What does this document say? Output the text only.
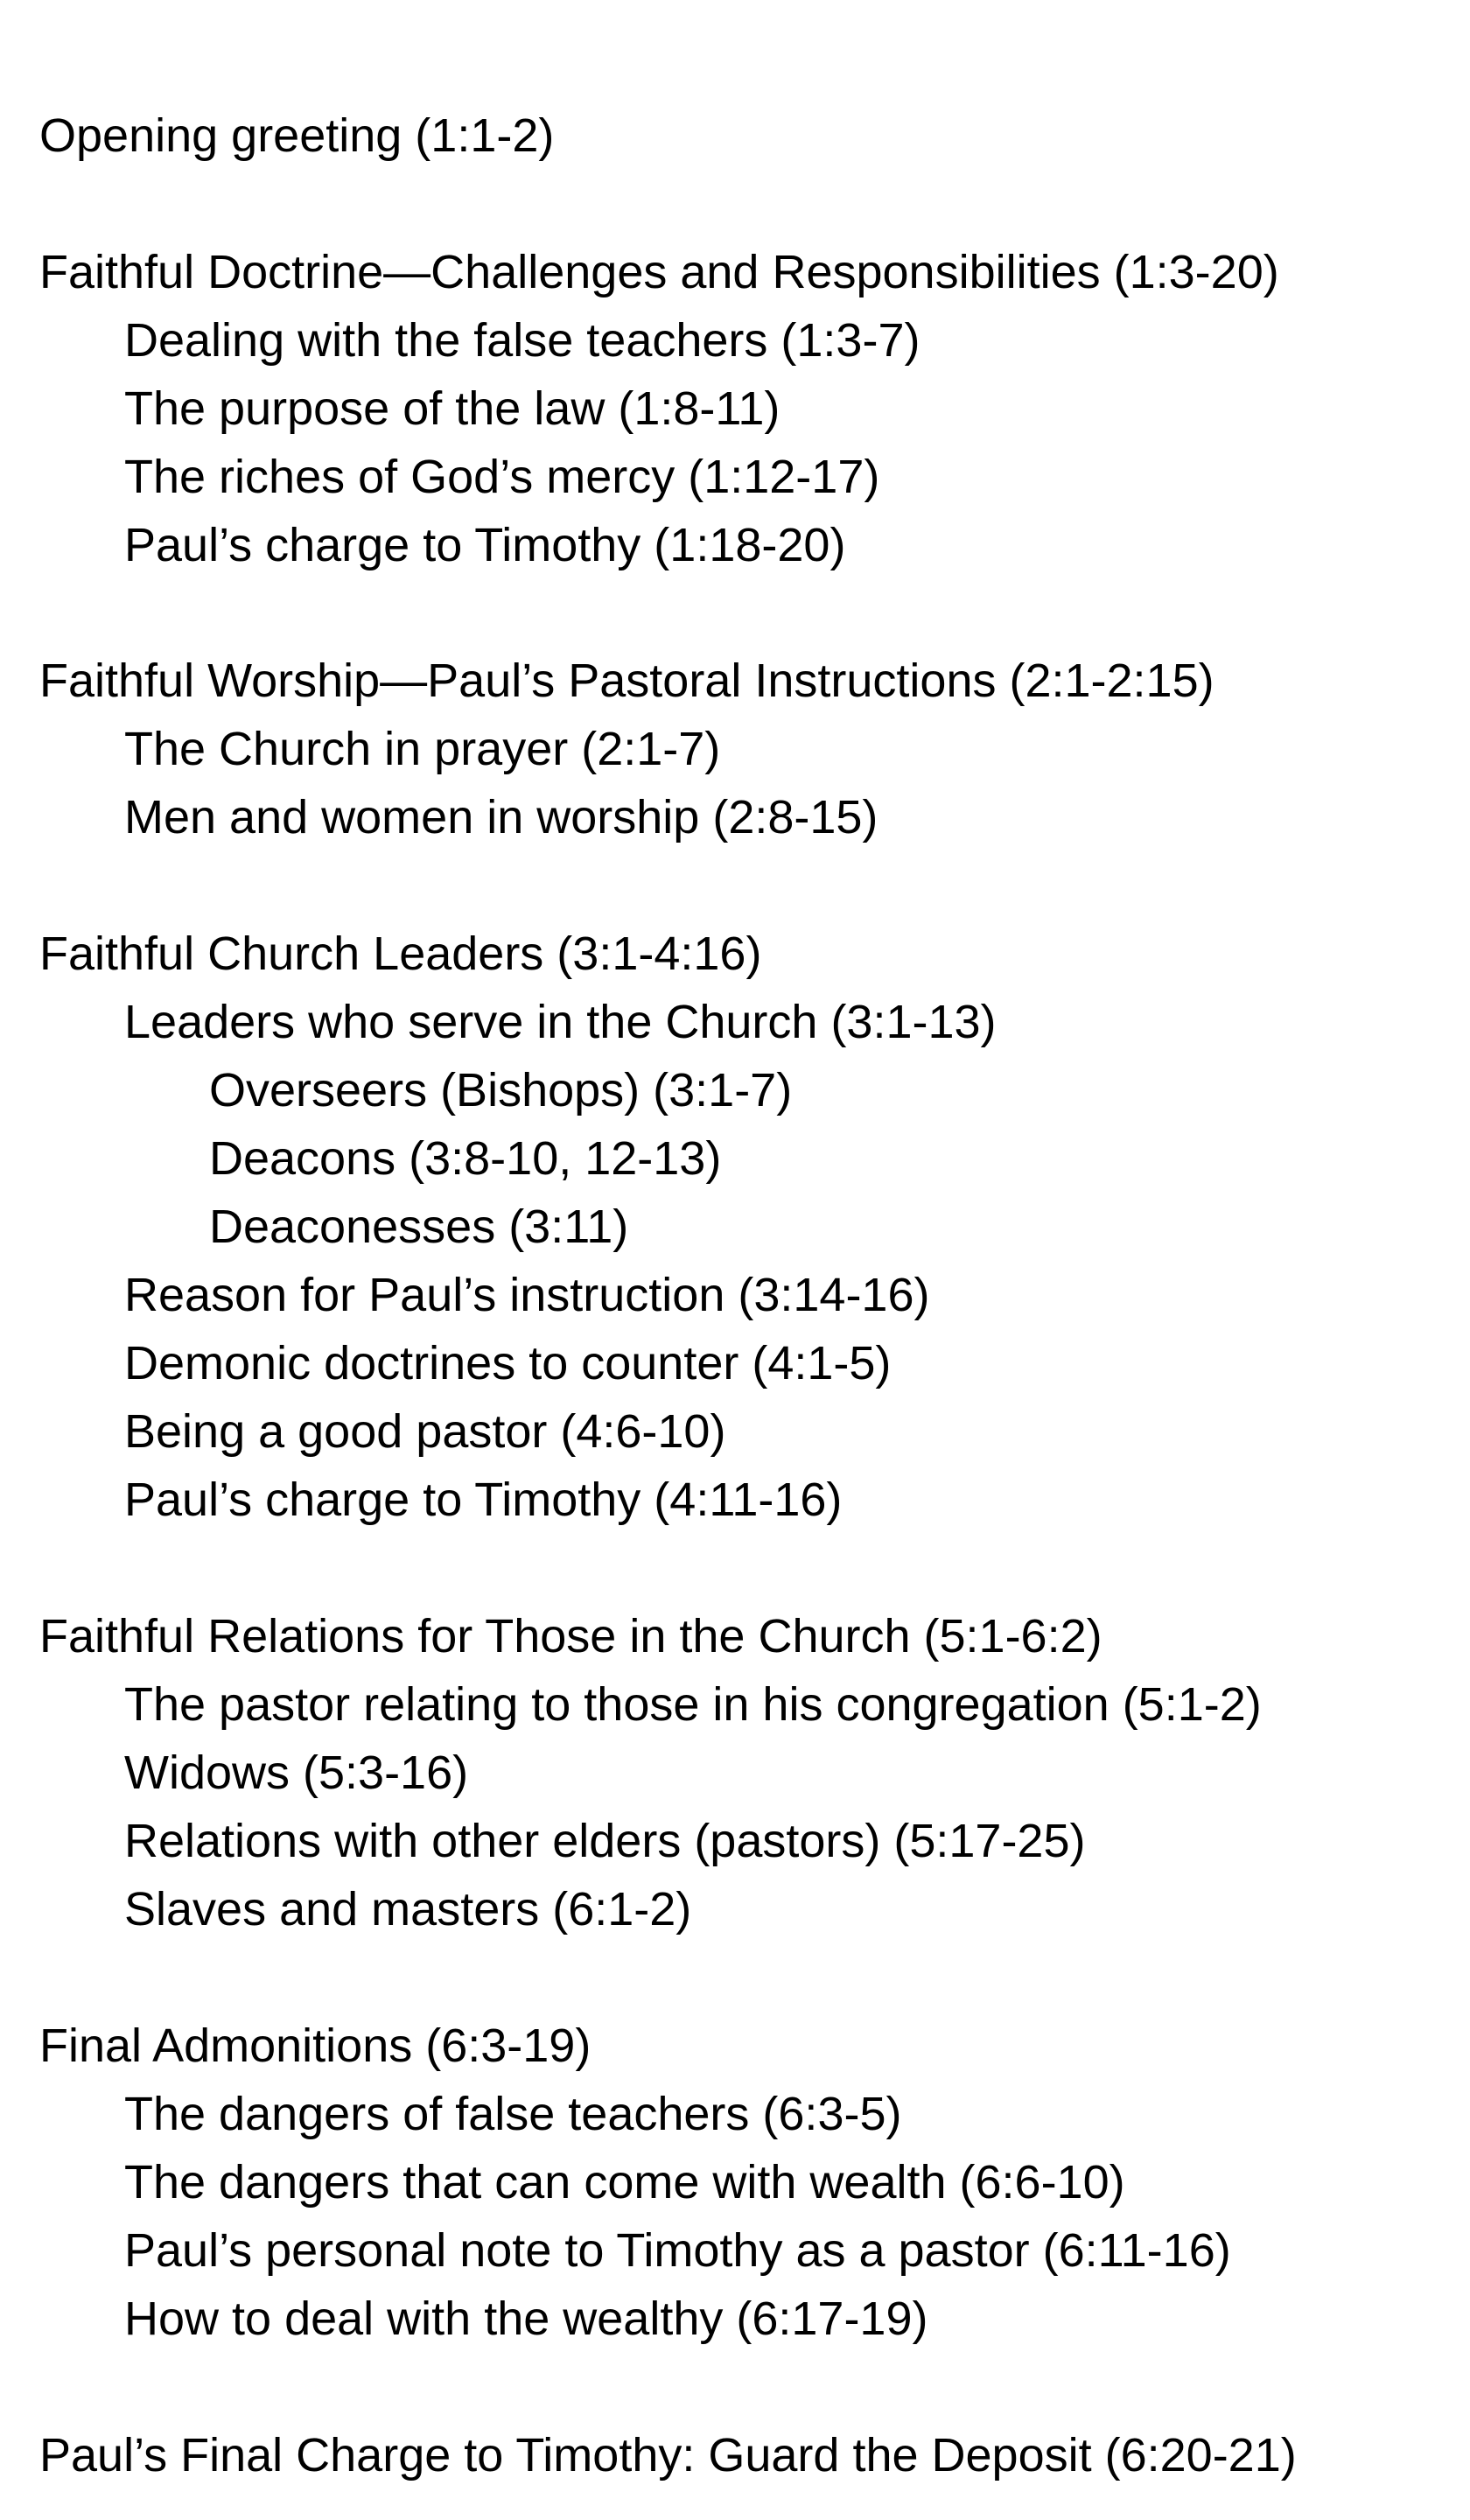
Opening greeting (1:1-2)
Faithful Doctrine—Challenges and Responsibilities (1:3-20)
Dealing with the false teachers (1:3-7)
The purpose of the law (1:8-11)
The riches of God’s mercy (1:12-17)
Paul’s charge to Timothy (1:18-20)
Faithful Worship—Paul’s Pastoral Instructions (2:1-2:15)
The Church in prayer (2:1-7)
Men and women in worship (2:8-15)
Faithful Church Leaders (3:1-4:16)
Leaders who serve in the Church (3:1-13)
Overseers (Bishops) (3:1-7)
Deacons (3:8-10, 12-13)
Deaconesses (3:11)
Reason for Paul’s instruction (3:14-16)
Demonic doctrines to counter (4:1-5)
Being a good pastor (4:6-10)
Paul’s charge to Timothy (4:11-16)
Faithful Relations for Those in the Church (5:1-6:2)
The pastor relating to those in his congregation (5:1-2)
Widows (5:3-16)
Relations with other elders (pastors) (5:17-25)
Slaves and masters (6:1-2)
Final Admonitions (6:3-19)
The dangers of false teachers (6:3-5)
The dangers that can come with wealth (6:6-10)
Paul’s personal note to Timothy as a pastor (6:11-16)
How to deal with the wealthy (6:17-19)
Paul’s Final Charge to Timothy: Guard the Deposit (6:20-21)
